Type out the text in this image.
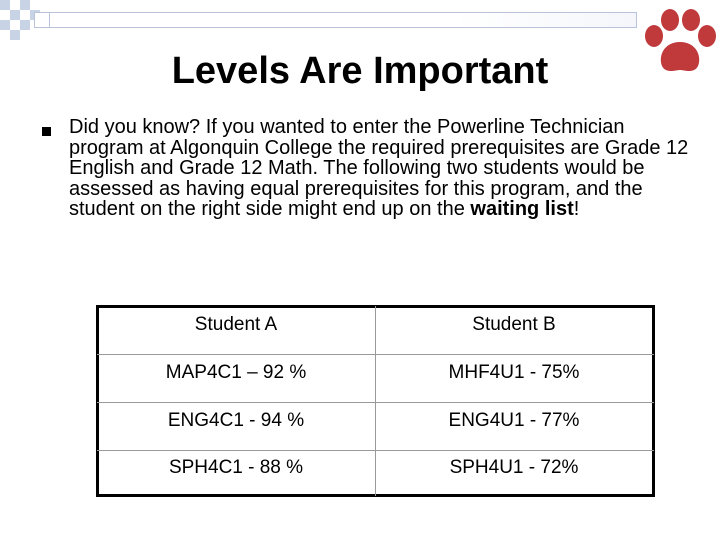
Levels Are Important
Did you know? If you wanted to enter the Powerline Technician program at Algonquin College the required prerequisites are Grade 12 English and Grade 12 Math. The following two students would be assessed as having equal prerequisites for this program, and the student on the right side might end up on the waiting list!
Student A	Student B
MAP4C1 – 92 %	MHF4U1 - 75%
ENG4C1 - 94 %	ENG4U1 - 77%
SPH4C1 - 88 %	SPH4U1 - 72%
